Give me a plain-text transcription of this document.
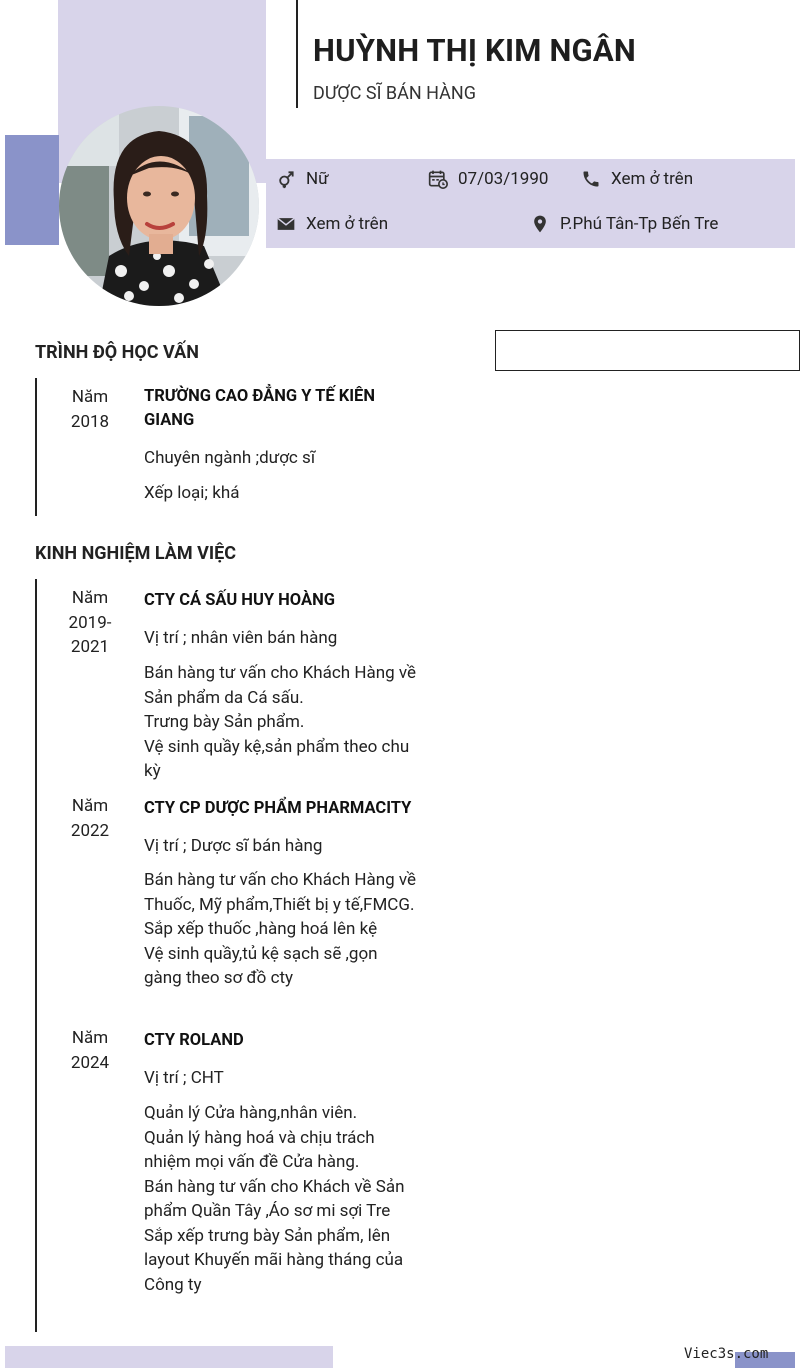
HUỲNH THỊ KIM NGÂN
DƯỢC SĨ BÁN HÀNG
Nữ	07/03/1990	Xem ở trên
Xem ở trên	P.Phú Tân-Tp Bến Tre
TRÌNH ĐỘ HỌC VẤN
Năm
2018
TRƯỜNG CAO ĐẲNG Y TẾ KIÊN GIANG
Chuyên ngành ;dược sĩ
Xếp loại; khá
KINH NGHIỆM LÀM VIỆC
Năm
2019-
2021
CTY CÁ SẤU HUY HOÀNG
Vị trí ; nhân viên bán hàng
Bán hàng tư vấn cho Khách Hàng về Sản phẩm da Cá sấu.
Trưng bày Sản phẩm.
Vệ sinh quầy kệ,sản phẩm theo chu kỳ
Năm
2022
CTY CP DƯỢC PHẨM PHARMACITY
Vị trí ; Dược sĩ bán hàng
Bán hàng tư vấn cho Khách Hàng về Thuốc, Mỹ phẩm,Thiết bị y tế,FMCG.
Sắp xếp thuốc ,hàng hoá lên kệ
Vệ sinh quầy,tủ kệ sạch sẽ ,gọn gàng theo sơ đồ cty
Năm
2024
CTY ROLAND
Vị trí ; CHT
Quản lý Cửa hàng,nhân viên.
Quản lý hàng hoá và chịu trách nhiệm mọi vấn đề Cửa hàng.
Bán hàng tư vấn cho Khách về Sản phẩm Quần Tây ,Áo sơ mi sợi Tre
Sắp xếp trưng bày Sản phẩm, lên layout Khuyến mãi hàng tháng của Công ty
Viec3s.com
